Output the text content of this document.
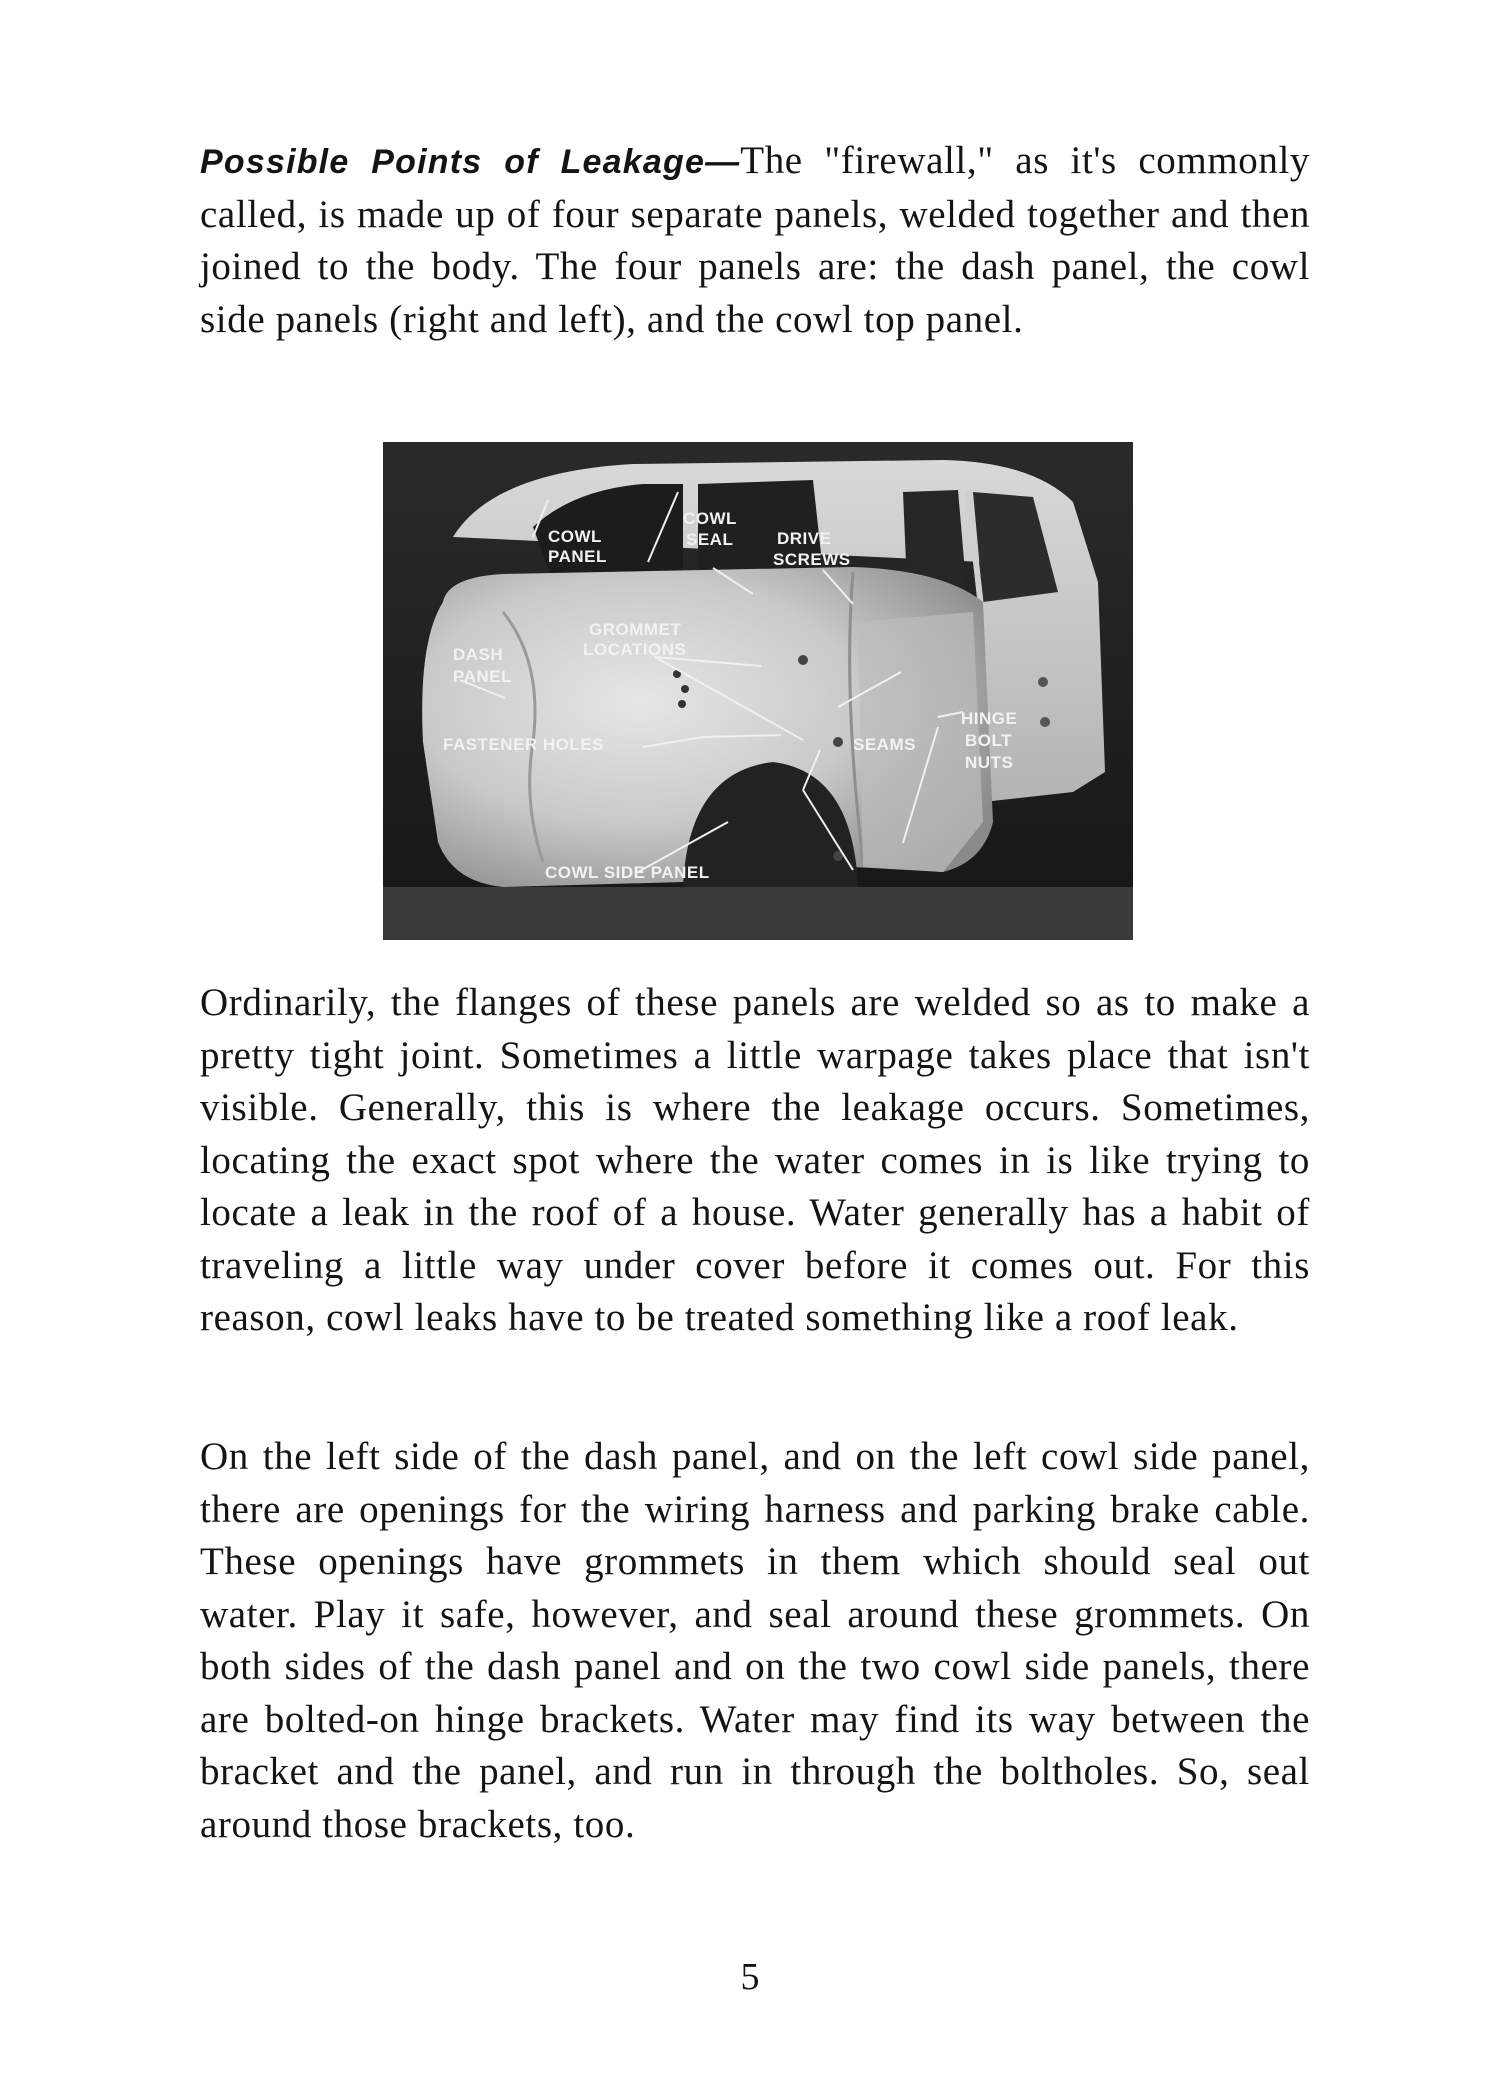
Possible Points of Leakage—The "firewall," as it's commonly called, is made up of four separate panels, welded together and then joined to the body. The four panels are: the dash panel, the cowl side panels (right and left), and the cowl top panel.

COWL
PANEL
COWL
SEAL	DRIVE
SCREWS
GROMMET
LOCATIONS
DASH
PANEL
FASTENER HOLES	SEAMS
HINGE
BOLT
NUTS
COWL SIDE PANEL

Ordinarily, the flanges of these panels are welded so as to make a pretty tight joint. Sometimes a little warpage takes place that isn't visible. Generally, this is where the leakage occurs. Sometimes, locating the exact spot where the water comes in is like trying to locate a leak in the roof of a house. Water generally has a habit of traveling a little way under cover before it comes out. For this reason, cowl leaks have to be treated something like a roof leak.

On the left side of the dash panel, and on the left cowl side panel, there are openings for the wiring harness and parking brake cable. These openings have grommets in them which should seal out water. Play it safe, however, and seal around these grommets. On both sides of the dash panel and on the two cowl side panels, there are bolted-on hinge brackets. Water may find its way between the bracket and the panel, and run in through the boltholes. So, seal around those brackets, too.

5
